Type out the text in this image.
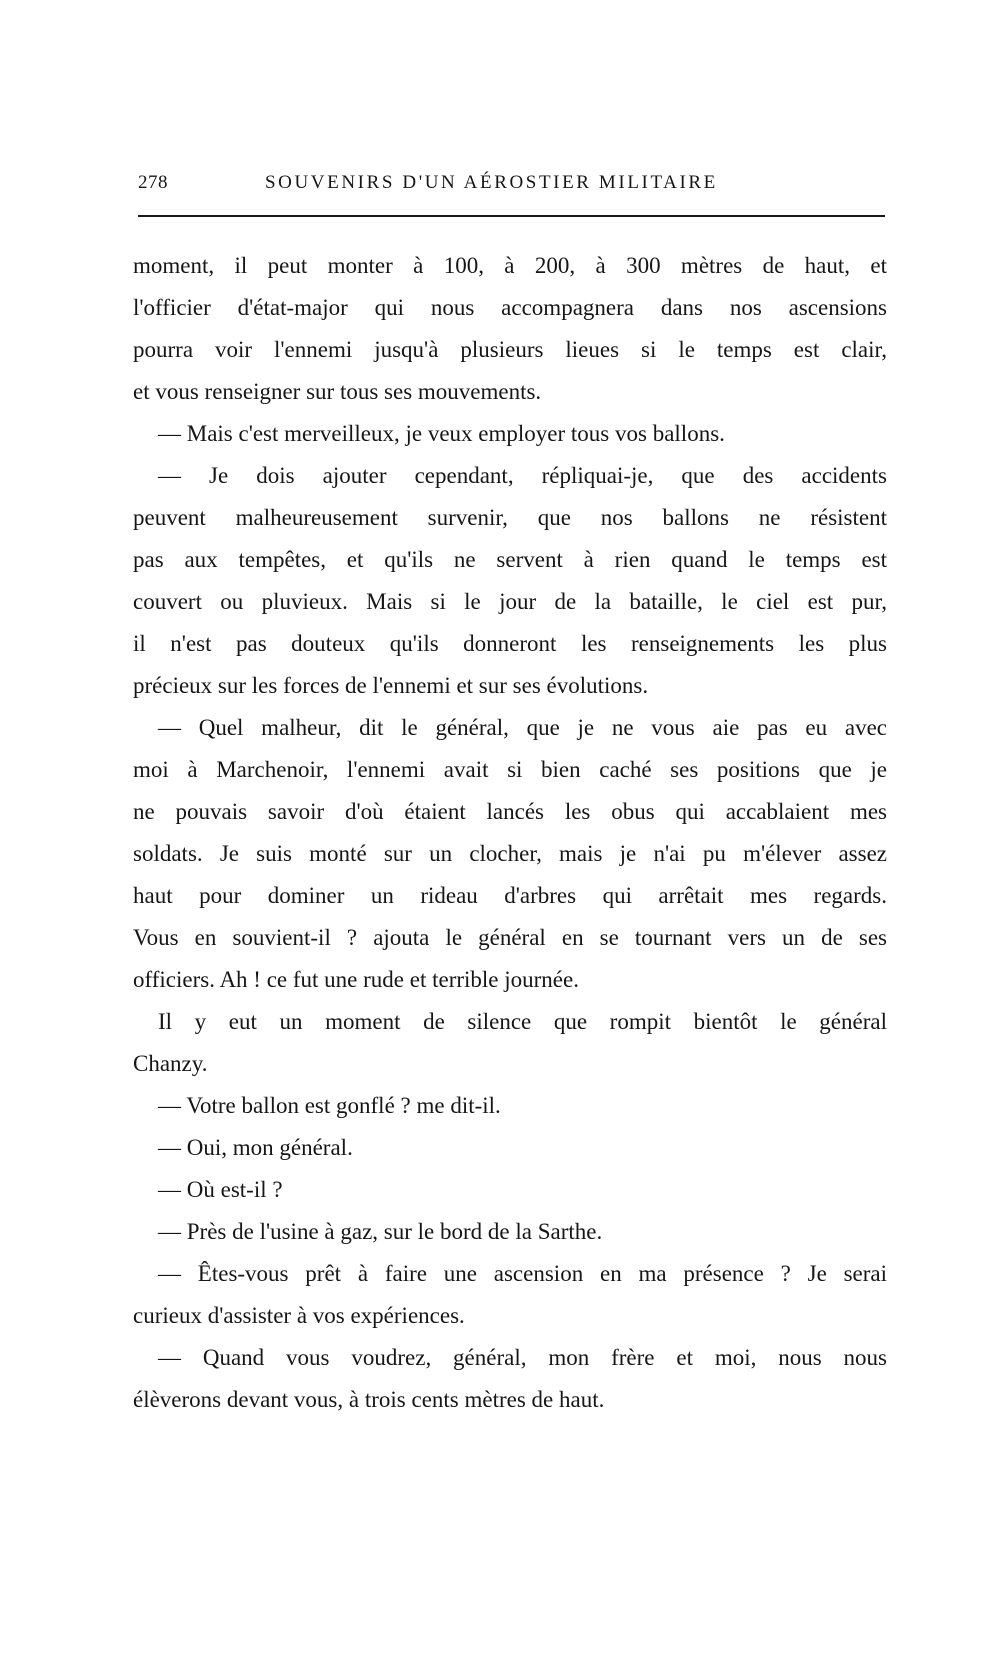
278	SOUVENIRS D'UN AÉROSTIER MILITAIRE
moment, il peut monter à 100, à 200, à 300 mètres de haut, et
l'officier d'état-major qui nous accompagnera dans nos ascensions
pourra voir l'ennemi jusqu'à plusieurs lieues si le temps est clair,
et vous renseigner sur tous ses mouvements.
— Mais c'est merveilleux, je veux employer tous vos ballons.
— Je dois ajouter cependant, répliquai-je, que des accidents
peuvent malheureusement survenir, que nos ballons ne résistent
pas aux tempêtes, et qu'ils ne servent à rien quand le temps est
couvert ou pluvieux. Mais si le jour de la bataille, le ciel est pur,
il n'est pas douteux qu'ils donneront les renseignements les plus
précieux sur les forces de l'ennemi et sur ses évolutions.
— Quel malheur, dit le général, que je ne vous aie pas eu avec
moi à Marchenoir, l'ennemi avait si bien caché ses positions que je
ne pouvais savoir d'où étaient lancés les obus qui accablaient mes
soldats. Je suis monté sur un clocher, mais je n'ai pu m'élever assez
haut pour dominer un rideau d'arbres qui arrêtait mes regards.
Vous en souvient-il ? ajouta le général en se tournant vers un de ses
officiers. Ah ! ce fut une rude et terrible journée.
Il y eut un moment de silence que rompit bientôt le général
Chanzy.
— Votre ballon est gonflé ? me dit-il.
— Oui, mon général.
— Où est-il ?
— Près de l'usine à gaz, sur le bord de la Sarthe.
— Êtes-vous prêt à faire une ascension en ma présence ? Je serai
curieux d'assister à vos expériences.
— Quand vous voudrez, général, mon frère et moi, nous nous
élèverons devant vous, à trois cents mètres de haut.
